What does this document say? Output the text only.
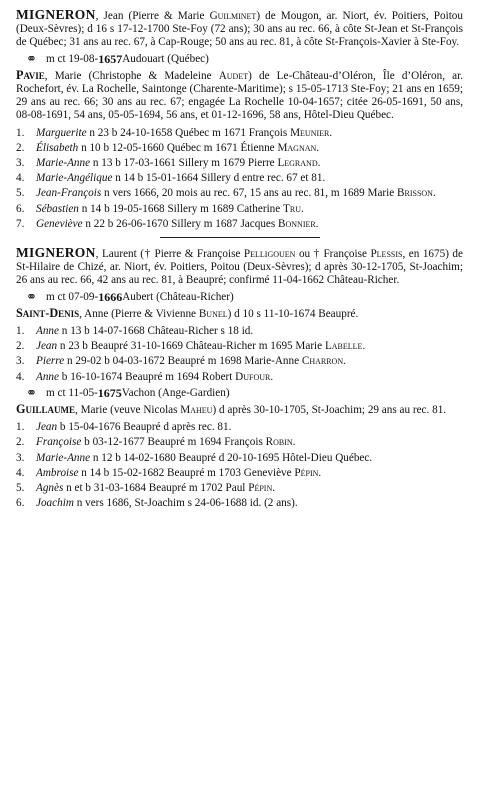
MIGNERON, Jean (Pierre & Marie Guilminet) de Mougon, ar. Niort, év. Poitiers, Poitou (Deux-Sèvres); d 16 s 17-12-1700 Ste-Foy (72 ans); 30 ans au rec. 66, à côte St-Jean et St-François de Québec; 31 ans au rec. 67, à Cap-Rouge; 50 ans au rec. 81, à côte St-François-Xavier à Ste-Foy.

⚭ m ct 19-08- 1657 Audouart (Québec)

Pavie, Marie (Christophe & Madeleine Audet) de Le-Château-d’Oléron, Île d’Oléron, ar. Rochefort, év. La Rochelle, Saintonge (Charente-Maritime); s 15-05-1713 Ste-Foy; 21 ans en 1659; 29 ans au rec. 66; 30 ans au rec. 67; engagée La Rochelle 10-04-1657; citée 26-05-1691, 50 ans, 08-08-1691, 54 ans, 05-05-1694, 56 ans, et 01-12-1696, 58 ans, Hôtel-Dieu Québec.

1.	Marguerite n 23 b 24-10-1658 Québec m 1671 François Meunier.
2.	Élisabeth n 10 b 12-05-1660 Québec m 1671 Étienne Magnan.
3.	Marie-Anne n 13 b 17-03-1661 Sillery m 1679 Pierre Legrand.
4.	Marie-Angélique n 14 b 15-01-1664 Sillery d entre rec. 67 et 81.
5.	Jean-François n vers 1666, 20 mois au rec. 67, 15 ans au rec. 81, m 1689 Marie Brisson.
6.	Sébastien n 14 b 19-05-1668 Sillery m 1689 Catherine Tru.
7.	Geneviève n 22 b 26-06-1670 Sillery m 1687 Jacques Bonnier.

MIGNERON, Laurent († Pierre & Françoise Pelligouen ou † Françoise Plessis, en 1675) de St-Hilaire de Chizé, ar. Niort, év. Poitiers, Poitou (Deux-Sèvres); d après 30-12-1705, St-Joachim; 26 ans au rec. 66, 42 ans au rec. 81, à Beaupré; confirmé 11-04-1662 Château-Richer.

⚭ m ct 07-09- 1666 Aubert (Château-Richer)

Saint-Denis, Anne (Pierre & Vivienne Bunel) d 10 s 11-10-1674 Beaupré.

1.	Anne n 13 b 14-07-1668 Château-Richer s 18 id.
2.	Jean n 23 b Beaupré 31-10-1669 Château-Richer m 1695 Marie Labelle.
3.	Pierre n 29-02 b 04-03-1672 Beaupré m 1698 Marie-Anne Charron.
4.	Anne b 16-10-1674 Beaupré m 1694 Robert Dufour.
⚭ m ct 11-05- 1675 Vachon (Ange-Gardien)

Guillaume, Marie (veuve Nicolas Maheu) d après 30-10-1705, St-Joachim; 29 ans au rec. 81.

1.	Jean b 15-04-1676 Beaupré d après rec. 81.
2.	Françoise b 03-12-1677 Beaupré m 1694 François Robin.
3.	Marie-Anne n 12 b 14-02-1680 Beaupré d 20-10-1695 Hôtel-Dieu Québec.
4.	Ambroise n 14 b 15-02-1682 Beaupré m 1703 Geneviève Pépin.
5.	Agnès n et b 31-03-1684 Beaupré m 1702 Paul Pépin.
6.	Joachim n vers 1686, St-Joachim s 24-06-1688 id. (2 ans).
